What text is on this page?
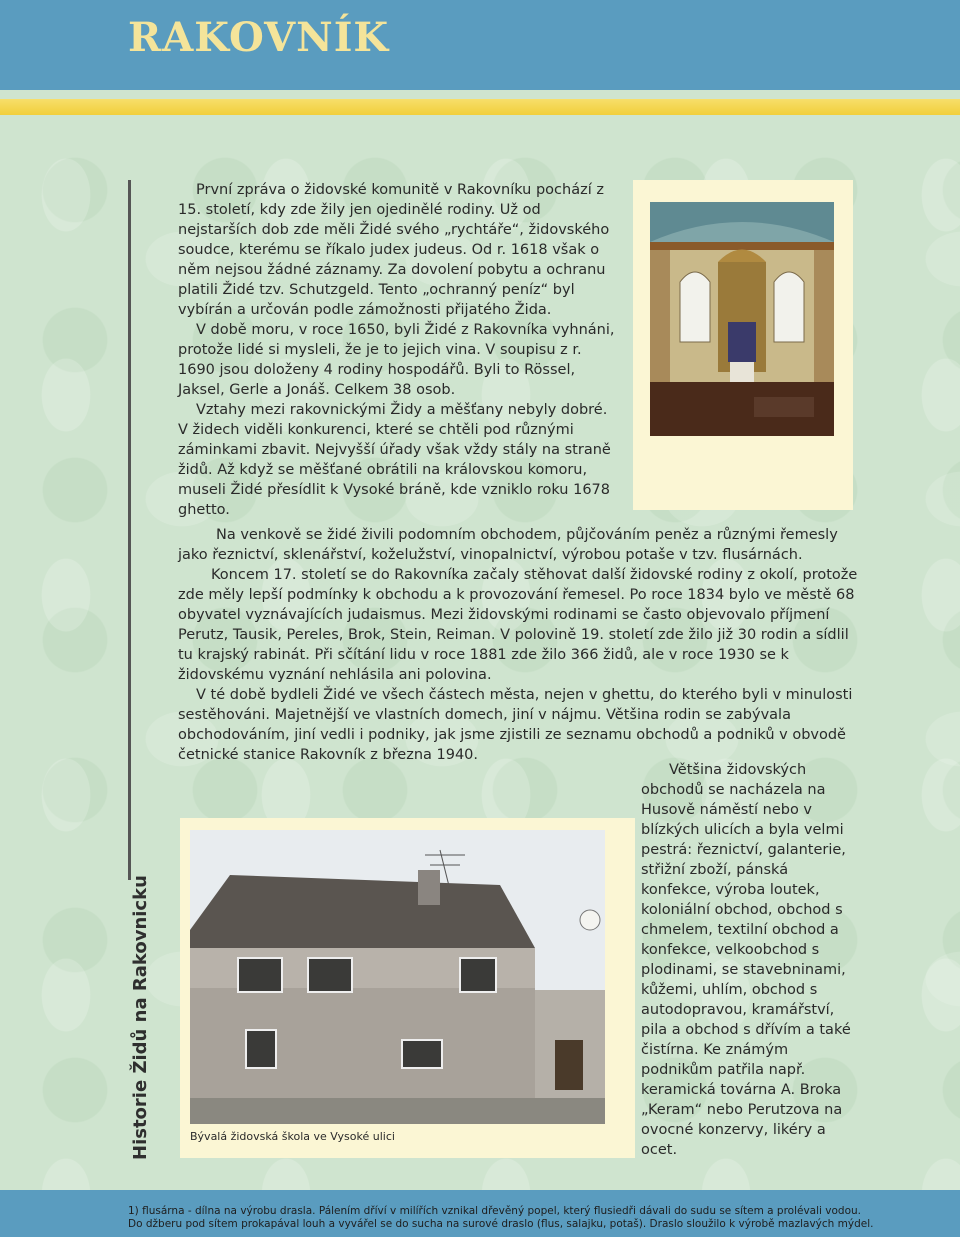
RAKOVNÍK
Historie Židů na Rakovnicku

První zpráva o židovské komunitě v Rakovníku pochází z 15. století, kdy zde žily jen ojedinělé rodiny. Už od nejstarších dob zde měli Židé svého „rychtáře“, židovského soudce, kterému se říkalo judex judeus. Od r. 1618 však o něm nejsou žádné záznamy. Za dovolení pobytu a ochranu platili Židé tzv. Schutzgeld. Tento „ochranný peníz“ byl vybírán a určován podle zámožnosti přijatého Žida.

V době moru, v roce 1650, byli Židé z Rakovníka vyhnáni, protože lidé si mysleli, že je to jejich vina. V soupisu z r. 1690 jsou doloženy 4 rodiny hospodářů. Byli to Rössel, Jaksel, Gerle a Jonáš. Celkem 38 osob.

Vztahy mezi rakovnickými Židy a měšťany nebyly dobré. V židech viděli konkurenci, které se chtěli pod různými záminkami zbavit. Nejvyšší úřady však vždy stály na straně židů. Až když se měšťané obrátili na královskou komoru, museli Židé přesídlit k Vysoké bráně, kde vzniklo roku 1678 ghetto.

Na venkově se židé živili podomním obchodem, půjčováním peněz a různými řemesly jako řeznictví, sklenářství, koželužství, vinopalnictví, výrobou potaše v tzv. flusárnách.

Koncem 17. století se do Rakovníka začaly stěhovat další židovské rodiny z okolí, protože zde měly lepší podmínky k obchodu a k provozování řemesel. Po roce 1834 bylo ve městě 68 obyvatel vyznávajících judaismus. Mezi židovskými rodinami se často objevovalo příjmení Perutz, Tausik, Pereles, Brok, Stein, Reiman. V polovině 19. století zde žilo již 30 rodin a sídlil tu krajský rabinát. Při sčítání lidu v roce 1881 zde žilo 366 židů, ale v roce 1930 se k židovskému vyznání nehlásila ani polovina.

V té době bydleli Židé ve všech částech města, nejen v ghettu, do kterého byli v minulosti sestěhováni. Majetnější ve vlastních domech, jiní v nájmu. Většina rodin se zabývala obchodováním, jiní vedli i podniky, jak jsme zjistili ze seznamu obchodů a podniků v obvodě četnické stanice Rakovník z března 1940.

Většina židovských obchodů se nacházela na Husově náměstí nebo v blízkých ulicích a byla velmi pestrá: řeznictví, galanterie, střižní zboží, pánská konfekce, výroba loutek, koloniální obchod, obchod s chmelem, textilní obchod a konfekce, velkoobchod s plodinami, se stavebninami, kůžemi, uhlím, obchod s autodopravou, kramářství, pila a obchod s dřívím a také čistírna. Ke známým podnikům patřila např. keramická továrna A. Broka „Keram“ nebo Perutzova na ovocné konzervy, likéry a ocet.

Bývalá židovská škola ve Vysoké ulici
1) flusárna - dílna na výrobu drasla. Pálením dříví v milířích vznikal dřevěný popel, který flusiedři dávali do sudu se sítem a prolévali vodou.
Do džberu pod sítem prokapával louh a vyvářel se do sucha na surové draslo (flus, salajku, potaš). Draslo sloužilo k výrobě mazlavých mýdel.
